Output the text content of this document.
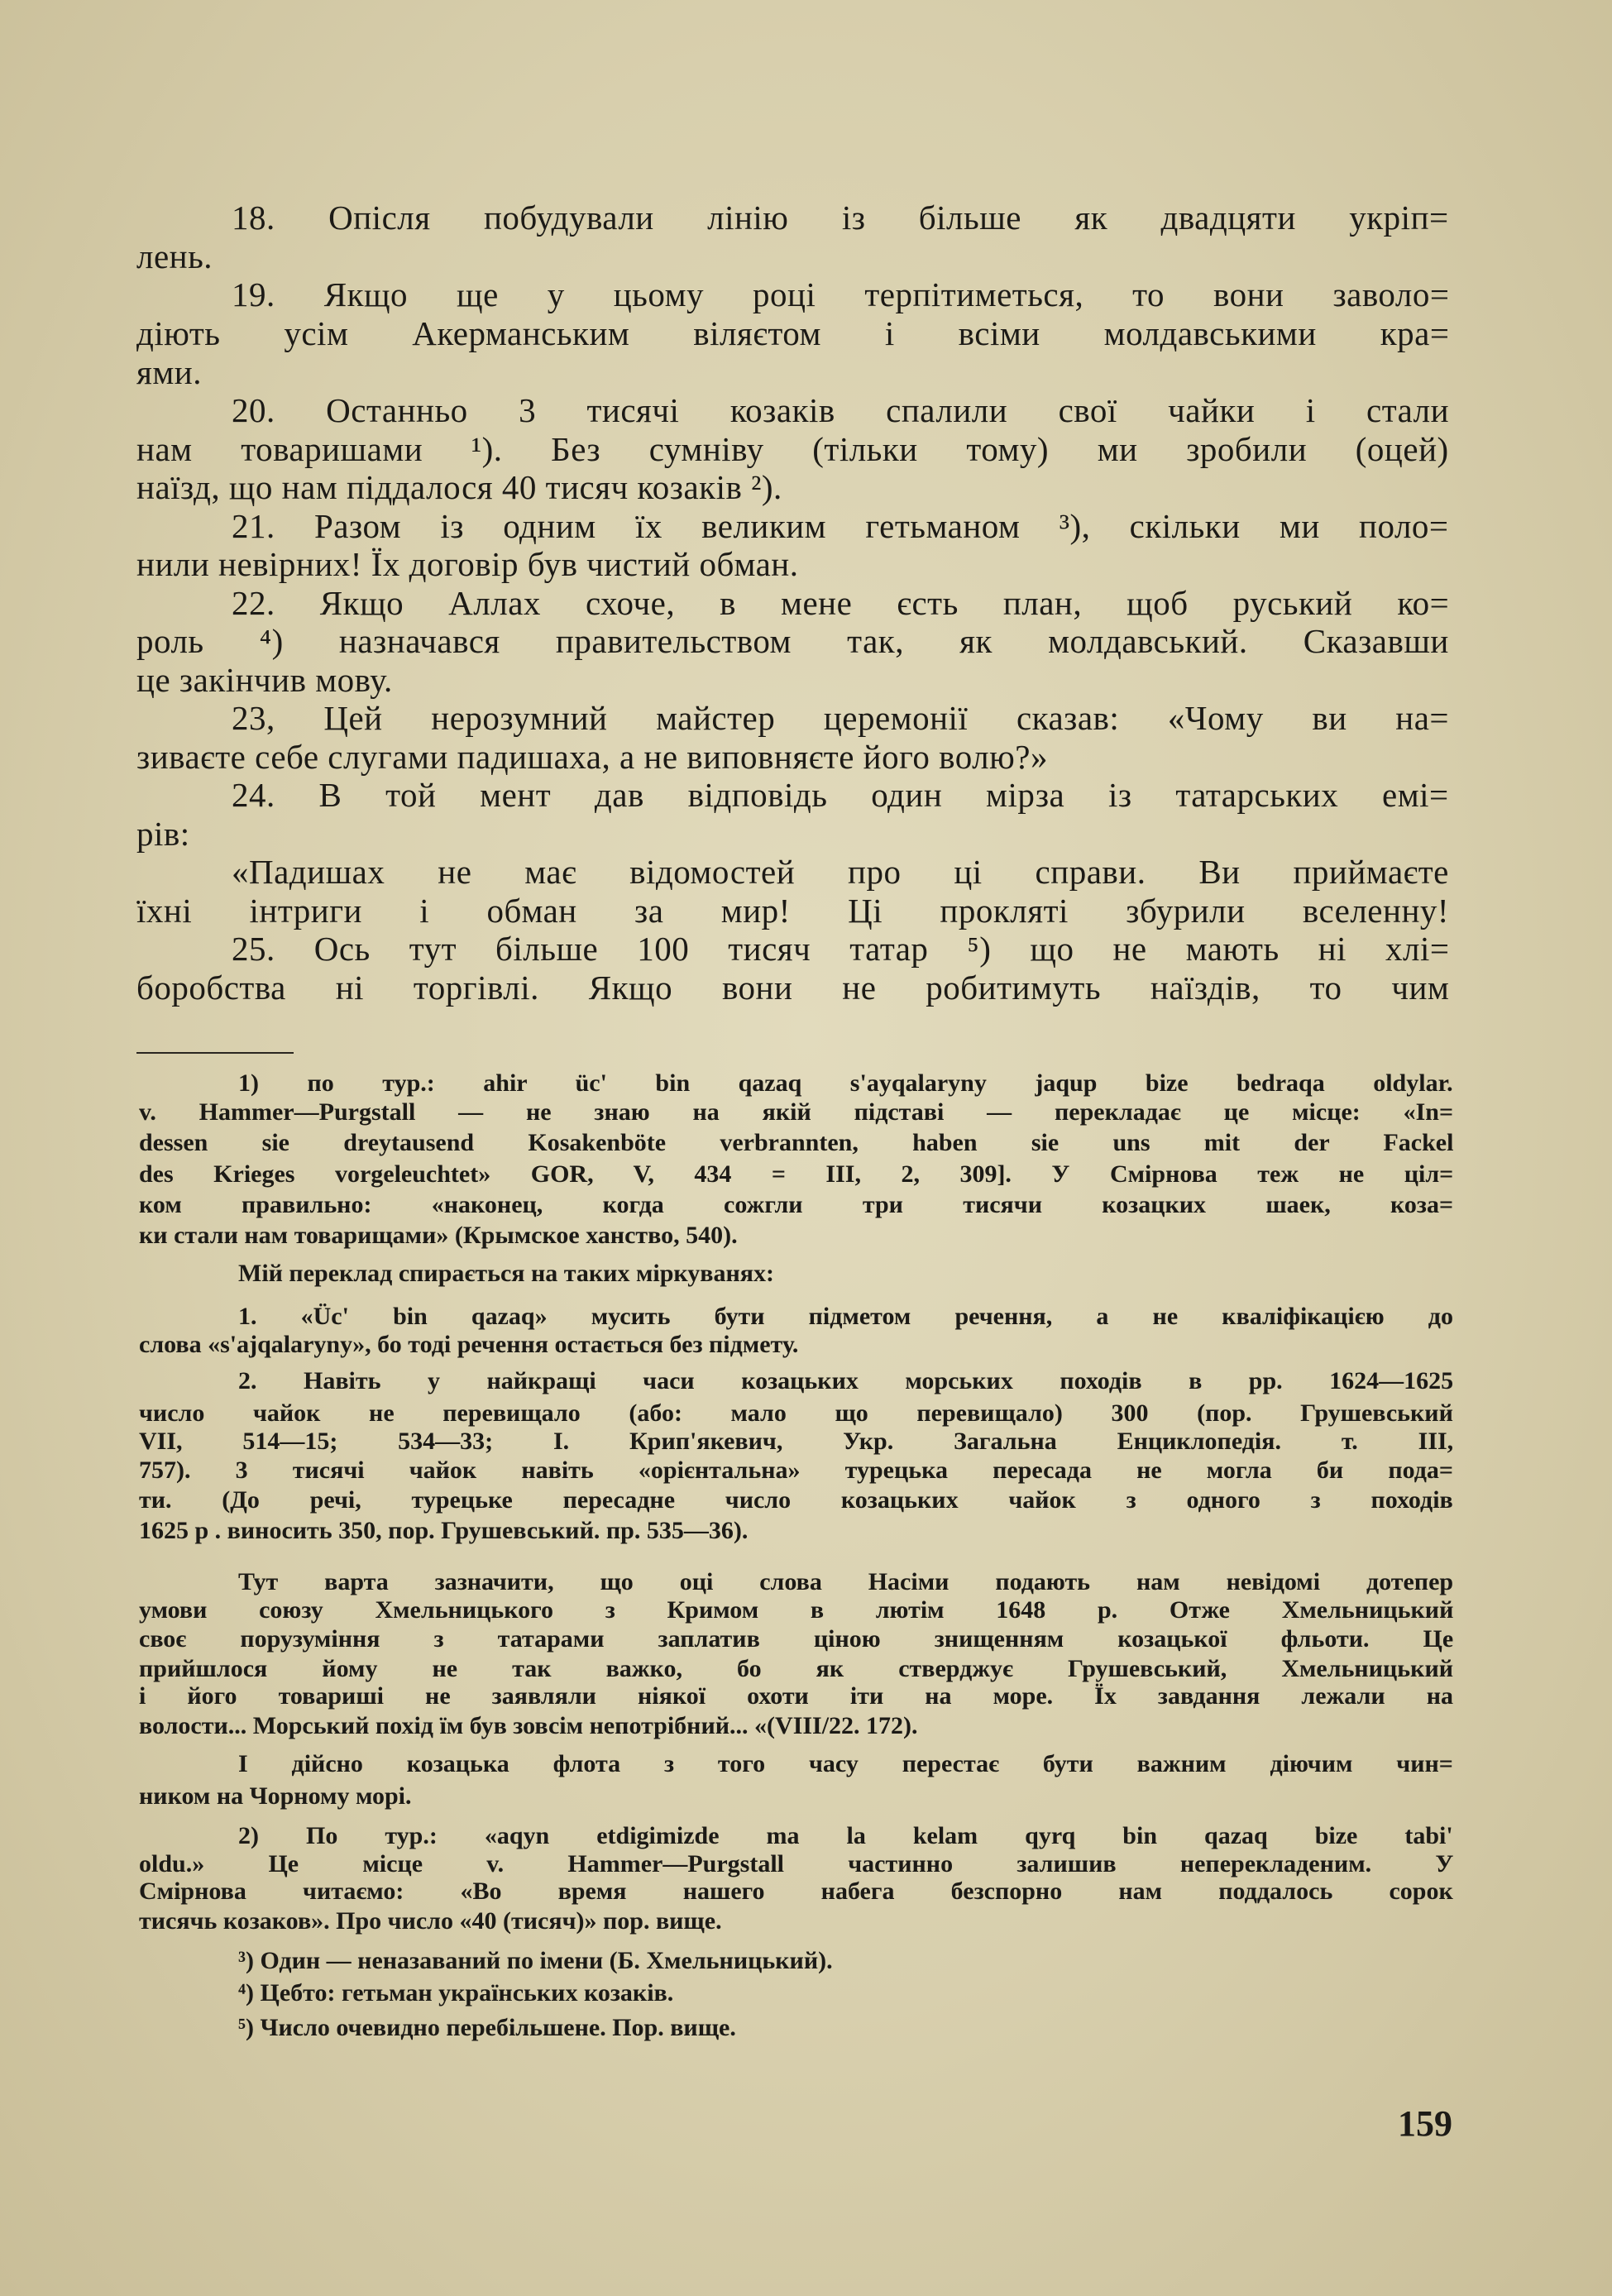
18. Опісля побудували лінію із більше як двадцяти укріп=
лень.
19. Якщо ще у цьому році терпітиметься, то вони заволо=
діють усім Акерманським віляєтом і всіми молдавськими кра=
ями.
20. Останньо 3 тисячі козаків спалили свої чайки і стали
нам товаришами ¹). Без сумніву (тільки тому) ми зробили (оцей)
наїзд, що нам піддалося 40 тисяч козаків ²).
21. Разом із одним їх великим гетьманом ³), скільки ми поло=
нили невірних! Їх договір був чистий обман.
22. Якщо Аллах схоче, в мене єсть план, щоб руський ко=
роль ⁴) назначався правительством так, як молдавський. Сказавши
це закінчив мову.
23, Цей нерозумний майстер церемонії сказав: «Чому ви на=
зиваєте себе слугами падишаха, а не виповняєте його волю?»
24. В той мент дав відповідь один мірза із татарських емі=
рів:
«Падишах не має відомостей про ці справи. Ви приймаєте
їхні інтриги і обман за мир! Ці прокляті збурили вселенну!
25. Ось тут більше 100 тисяч татар ⁵) що не мають ні хлі=
боробства ні торгівлі. Якщо вони не робитимуть наїздів, то чим
1) по тур.: ahir üc' bin qazaq s'ayqalaryny jaqup bize bedraqa oldylar.
v. Hammer—Purgstall — не знаю на якій підставі — перекладає це місце: «In=
dessen sie dreytausend Kosakenböte verbrannten, haben sie uns mit der Fackel
des Krieges vorgeleuchtet» GOR, V, 434 = III, 2, 309]. У Смірнова теж не ціл=
ком правильно: «наконец, когда сожгли три тисячи козацких шаек, коза=
ки стали нам товарищами» (Крымское ханство, 540).
Мій переклад спирається на таких міркуванях:
1. «Üc' bin qazaq» мусить бути підметом речення, а не кваліфікацією до
слова «s'ajqalaryny», бо тоді речення остається без підмету.
2. Навіть у найкращі часи козацьких морських походів в рр. 1624—1625
число чайок не перевищало (або: мало що перевищало) 300 (пор. Грушевський
VII, 514—15; 534—33; І. Крип'якевич, Укр. Загальна Енциклопедія. т. III,
757). 3 тисячі чайок навіть «орієнтальна» турецька пересада не могла би пода=
ти. (До речі, турецьке пересадне число козацьких чайок з одного з походів
1625 р . виносить 350, пор. Грушевський. пр. 535—36).
Тут варта зазначити, що оці слова Насіми подають нам невідомі дотепер
умови союзу Хмельницького з Кримом в лютім 1648 р. Отже Хмельницький
своє порузуміння з татарами заплатив ціною знищенням козацької фльоти. Це
прийшлося йому не так важко, бо як стверджує Грушевський, Хмельницький
і його товариші не заявляли ніякої охоти іти на море. Їх завдання лежали на
волости... Морський похід їм був зовсім непотрібний... «(VIII/22. 172).
І дійсно козацька флота з того часу перестає бути важним діючим чин=
ником на Чорному морі.
2) По тур.: «aqyn etdigimizde ma la kelam qyrq bin qazaq bize tabi'
oldu.» Це місце v. Hammer—Purgstall частинно залишив неперекладеним. У
Смірнова читаємо: «Во время нашего набега безспорно нам поддалось сорок
тисячь козаков». Про число «40 (тисяч)» пор. вище.
³) Один — неназаваний по імени (Б. Хмельницький).
⁴) Цебто: гетьман українських козаків.
⁵) Число очевидно перебільшене. Пор. вище.
159
